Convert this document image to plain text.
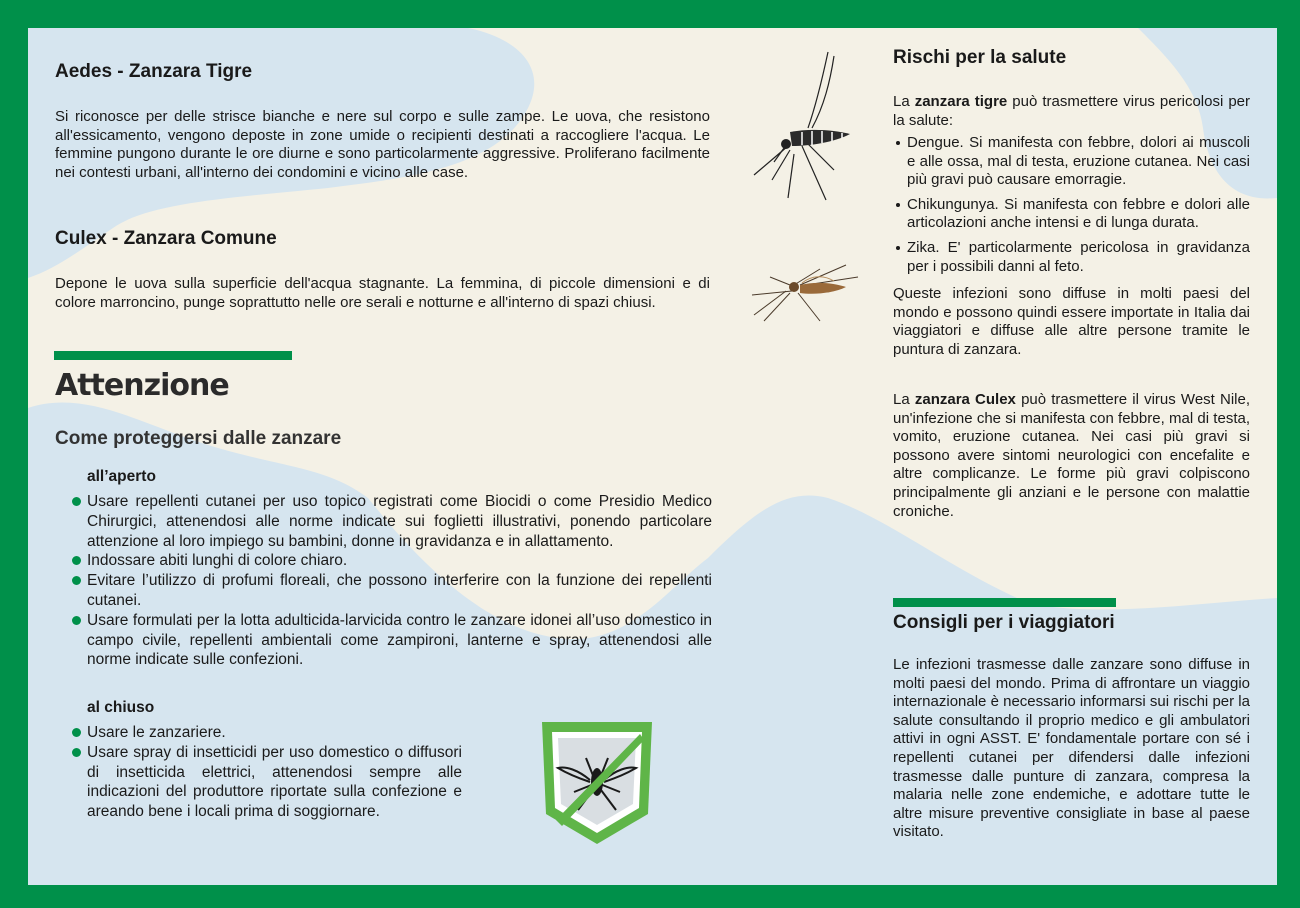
Aedes - Zanzara Tigre
Si riconosce per delle strisce bianche e nere sul corpo e sulle zampe. Le uova, che resistono all'essicamento, vengono deposte in zone umide o recipienti destinati a raccogliere l'acqua. Le femmine pungono durante le ore diurne e sono particolarmente aggressive. Proliferano facilmente nei contesti urbani, all'interno dei condomini e vicino alle case.
Culex - Zanzara Comune
Depone le uova sulla superficie dell'acqua stagnante. La femmina, di piccole dimensioni e di colore marroncino, punge soprattutto nelle ore serali e notturne e all'interno di spazi chiusi.
Attenzione
Come proteggersi dalle zanzare
all’aperto
Usare repellenti cutanei per uso topico registrati come Biocidi o come Presidio Medico Chirurgici, attenendosi alle norme indicate sui foglietti illustrativi, ponendo particolare attenzione al loro impiego su bambini, donne in gravidanza e in allattamento.
Indossare abiti lunghi di colore chiaro.
Evitare l’utilizzo di profumi floreali, che possono interferire con la funzione dei repellenti cutanei.
Usare formulati per la lotta adulticida-larvicida contro le zanzare idonei all’uso domestico in campo civile, repellenti ambientali come zampironi, lanterne e spray, attenendosi alle norme indicate sulle confezioni.
al chiuso
Usare le zanzariere.
Usare spray di insetticidi per uso domestico o diffusori di insetticida elettrici, attenendosi sempre alle indicazioni del produttore riportate sulla confezione e areando bene i locali prima di soggiornare.
Rischi per la salute
La zanzara tigre può trasmettere virus pericolosi per la salute:
Dengue. Si manifesta con febbre, dolori ai muscoli e alle ossa, mal di testa, eruzione cutanea. Nei casi più gravi può causare emorragie.
Chikungunya. Si manifesta con febbre e dolori alle articolazioni anche intensi e di lunga durata.
Zika. E' particolarmente pericolosa in gravidanza per i possibili danni al feto.
Queste infezioni sono diffuse in molti paesi del mondo e possono quindi essere importate in Italia dai viaggiatori e diffuse alle altre persone tramite le puntura di zanzara.
La zanzara Culex può trasmettere il virus West Nile, un'infezione che si manifesta con febbre, mal di testa, vomito, eruzione cutanea. Nei casi più gravi si possono avere sintomi neurologici con encefalite e altre complicanze. Le forme più gravi colpiscono principalmente gli anziani e le persone con malattie croniche.
Consigli per i viaggiatori
Le infezioni trasmesse dalle zanzare sono diffuse in molti paesi del mondo. Prima di affrontare un viaggio internazionale è necessario informarsi sui rischi per la salute consultando il proprio medico e gli ambulatori attivi in ogni ASST. E' fondamentale portare con sé i repellenti cutanei per difendersi dalle infezioni trasmesse dalle punture di zanzara, compresa la malaria nelle zone endemiche, e adottare tutte le altre misure preventive consigliate in base al paese visitato.
